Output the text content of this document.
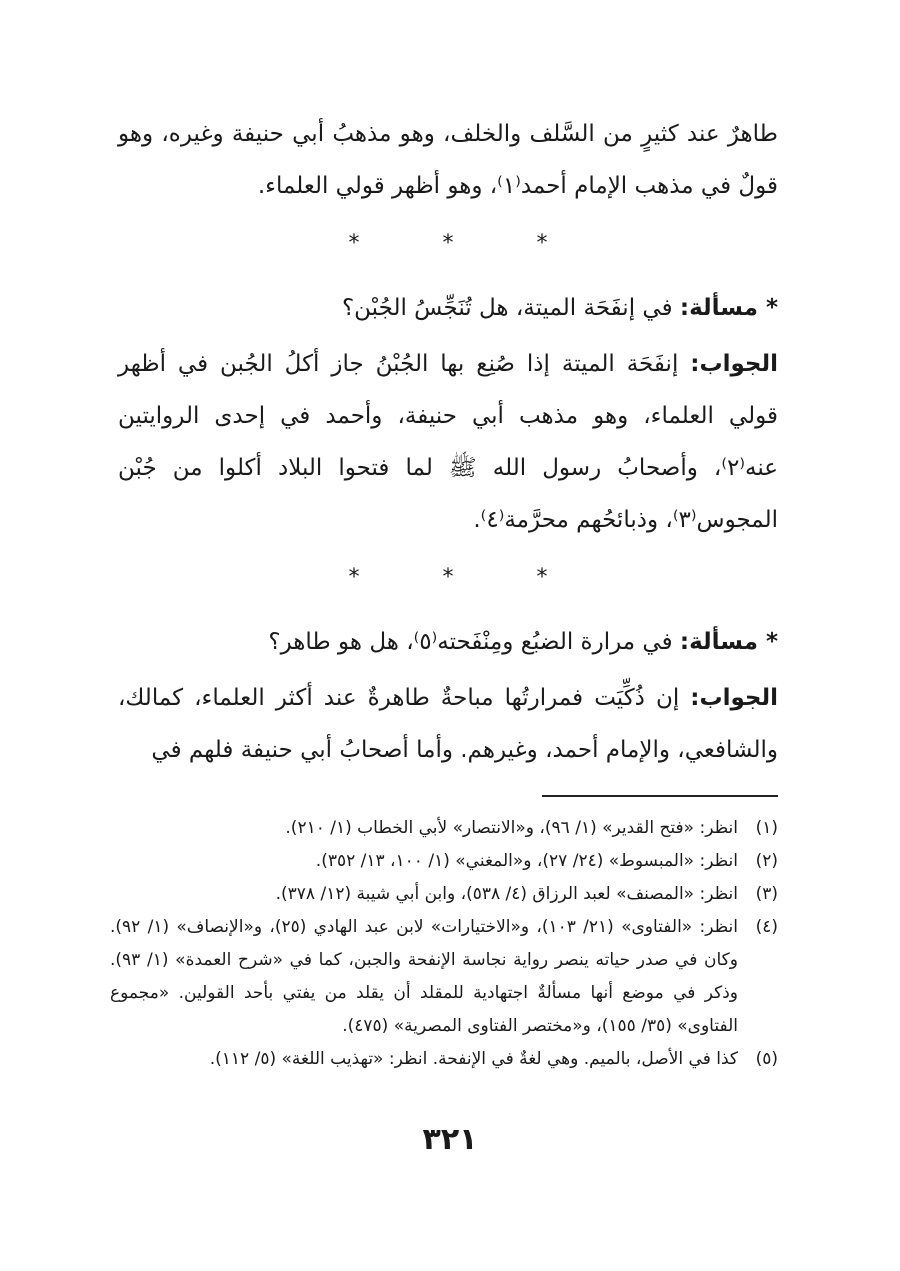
طاهرٌ عند كثيرٍ من السَّلف والخلف، وهو مذهبُ أبي حنيفة وغيره، وهو قولٌ في مذهب الإمام أحمد⁽١⁾، وهو أظهر قولي العلماء.

* * *

* مسألة: في إنفَحَة الميتة، هل تُنَجِّسُ الجُبْن؟

الجواب: إنفَحَة الميتة إذا صُنِع بها الجُبْنُ جاز أكلُ الجُبن في أظهر قولي العلماء، وهو مذهب أبي حنيفة، وأحمد في إحدى الروايتين عنه⁽٢⁾، وأصحابُ رسول الله ﷺ لما فتحوا البلاد أكلوا من جُبْن المجوس⁽٣⁾، وذبائحُهم محرَّمة⁽٤⁾.

* * *

* مسألة: في مرارة الضبُع ومِنْفَحته⁽٥⁾، هل هو طاهر؟

الجواب: إن ذُكِّيَت فمرارتُها مباحةٌ طاهرةٌ عند أكثر العلماء، كمالك، والشافعي، والإمام أحمد، وغيرهم. وأما أصحابُ أبي حنيفة فلهم في

(١)
انظر: «فتح القدير» (١/ ٩٦)، و«الانتصار» لأبي الخطاب (١/ ٢١٠).
(٢)
انظر: «المبسوط» (٢٤/ ٢٧)، و«المغني» (١/ ١٠٠، ١٣/ ٣٥٢).
(٣)
انظر: «المصنف» لعبد الرزاق (٤/ ٥٣٨)، وابن أبي شيبة (١٢/ ٣٧٨).
(٤)
انظر: «الفتاوى» (٢١/ ١٠٣)، و«الاختيارات» لابن عبد الهادي (٢٥)، و«الإنصاف» (١/ ٩٢). وكان في صدر حياته ينصر رواية نجاسة الإنفحة والجبن، كما في «شرح العمدة» (١/ ٩٣). وذكر في موضع أنها مسألةٌ اجتهادية للمقلد أن يقلد من يفتي بأحد القولين. «مجموع الفتاوى» (٣٥/ ١٥٥)، و«مختصر الفتاوى المصرية» (٤٧٥).
(٥)
كذا في الأصل، بالميم. وهي لغةٌ في الإنفحة. انظر: «تهذيب اللغة» (٥/ ١١٢).
٣٢١
